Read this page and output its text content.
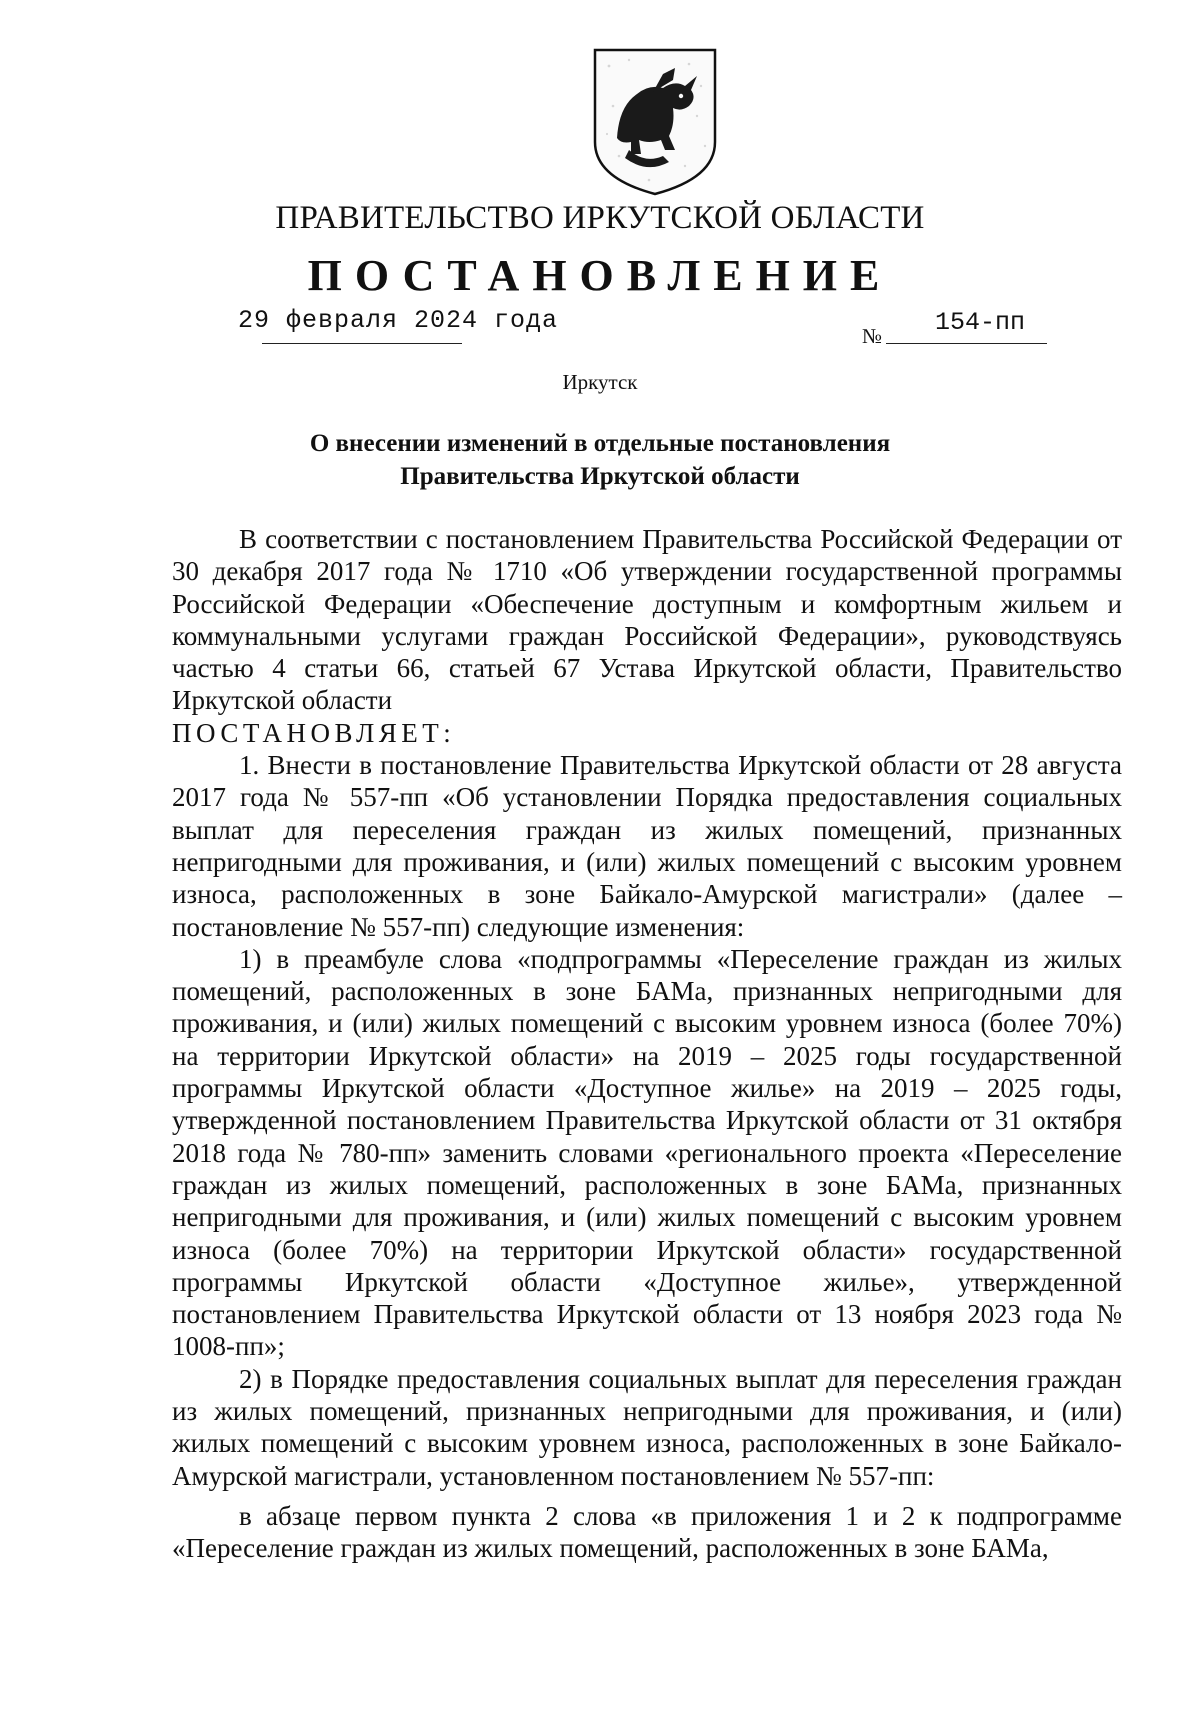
ПРАВИТЕЛЬСТВО ИРКУТСКОЙ ОБЛАСТИ
ПОСТАНОВЛЕНИЕ
29 февраля 2024 года
№ 154-пп
Иркутск
О внесении изменений в отдельные постановления
Правительства Иркутской области

В соответствии с постановлением Правительства Российской Федерации от 30 декабря 2017 года № 1710 «Об утверждении государственной программы Российской Федерации «Обеспечение доступным и комфортным жильем и коммунальными услугами граждан Российской Федерации», руководствуясь частью 4 статьи 66, статьей 67 Устава Иркутской области, Правительство Иркутской области

ПОСТАНОВЛЯЕТ:

1. Внести в постановление Правительства Иркутской области от 28 августа 2017 года № 557-пп «Об установлении Порядка предоставления социальных выплат для переселения граждан из жилых помещений, признанных непригодными для проживания, и (или) жилых помещений с высоким уровнем износа, расположенных в зоне Байкало-Амурской магистрали» (далее – постановление № 557-пп) следующие изменения:

1) в преамбуле слова «подпрограммы «Переселение граждан из жилых помещений, расположенных в зоне БАМа, признанных непригодными для проживания, и (или) жилых помещений с высоким уровнем износа (более 70%) на территории Иркутской области» на 2019 – 2025 годы государственной программы Иркутской области «Доступное жилье» на 2019 – 2025 годы, утвержденной постановлением Правительства Иркутской области от 31 октября 2018 года № 780-пп» заменить словами «регионального проекта «Переселение граждан из жилых помещений, расположенных в зоне БАМа, признанных непригодными для проживания, и (или) жилых помещений с высоким уровнем износа (более 70%) на территории Иркутской области» государственной программы Иркутской области «Доступное жилье», утвержденной постановлением Правительства Иркутской области от 13 ноября 2023 года № 1008-пп»;

2) в Порядке предоставления социальных выплат для переселения граждан из жилых помещений, признанных непригодными для проживания, и (или) жилых помещений с высоким уровнем износа, расположенных в зоне Байкало-Амурской магистрали, установленном постановлением № 557-пп:

в абзаце первом пункта 2 слова «в приложения 1 и 2 к подпрограмме «Переселение граждан из жилых помещений, расположенных в зоне БАМа,
